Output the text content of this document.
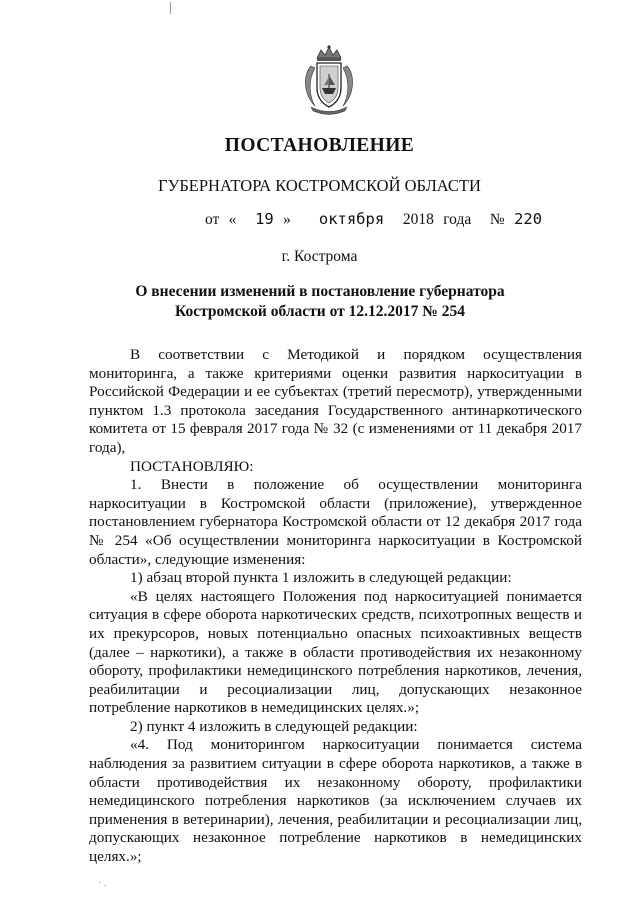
ПОСТАНОВЛЕНИЕ
ГУБЕРНАТОРА КОСТРОМСКОЙ ОБЛАСТИ
от « 19 » октября 2018 года № 220
г. Кострома
О внесении изменений в постановление губернатора
Костромской области от 12.12.2017 № 254

В соответствии с Методикой и порядком осуществления мониторинга, а также критериями оценки развития наркоситуации в Российской Федерации и ее субъектах (третий пересмотр), утвержденными пунктом 1.3 протокола заседания Государственного антинаркотического комитета от 15 февраля 2017 года № 32 (с изменениями от 11 декабря 2017 года),

ПОСТАНОВЛЯЮ:

1. Внести в положение об осуществлении мониторинга наркоситуации в Костромской области (приложение), утвержденное постановлением губернатора Костромской области от 12 декабря 2017 года № 254 «Об осуществлении мониторинга наркоситуации в Костромской области», следующие изменения:

1) абзац второй пункта 1 изложить в следующей редакции:

«В целях настоящего Положения под наркоситуацией понимается ситуация в сфере оборота наркотических средств, психотропных веществ и их прекурсоров, новых потенциально опасных психоактивных веществ (далее – наркотики), а также в области противодействия их незаконному обороту, профилактики немедицинского потребления наркотиков, лечения, реабилитации и ресоциализации лиц, допускающих незаконное потребление наркотиков в немедицинских целях.»;

2) пункт 4 изложить в следующей редакции:

«4. Под мониторингом наркоситуации понимается система наблюдения за развитием ситуации в сфере оборота наркотиков, а также в области противодействия их незаконному обороту, профилактики немедицинского потребления наркотиков (за исключением случаев их применения в ветеринарии), лечения, реабилитации и ресоциализации лиц, допускающих незаконное потребление наркотиков в немедицинских целях.»;

· .
